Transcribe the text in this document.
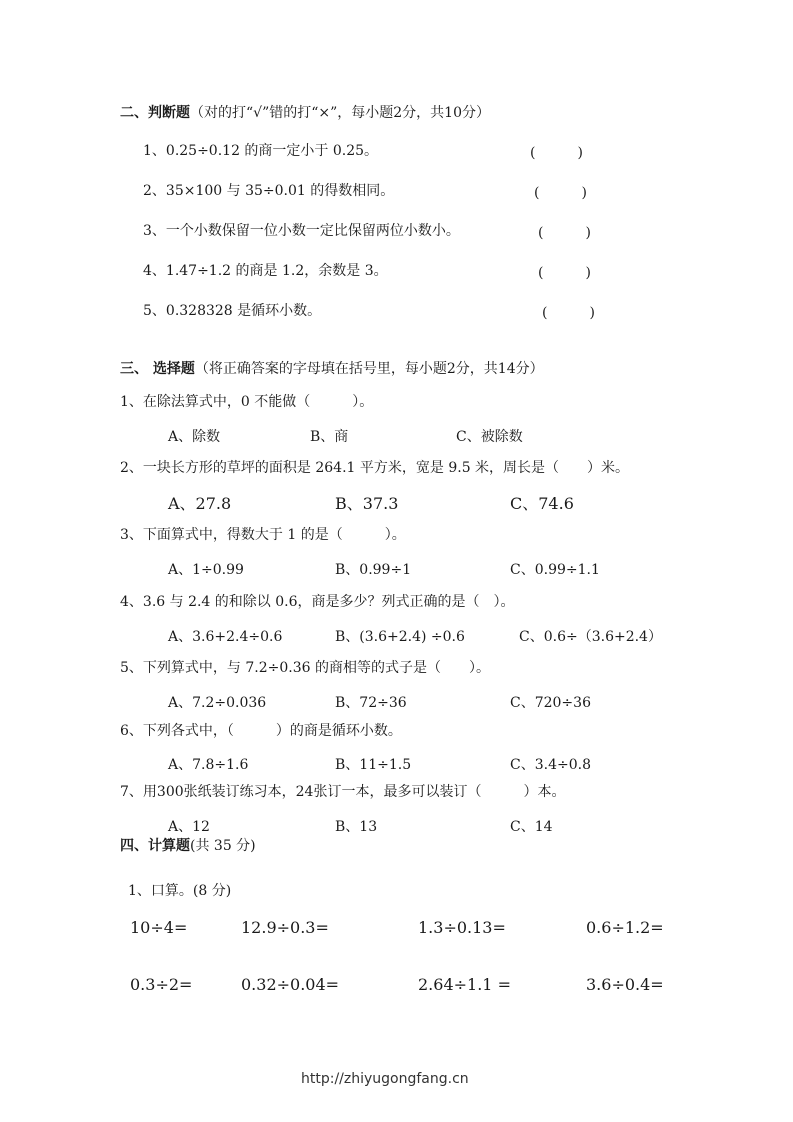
二、判断题（对的打“√”错的打“×”，每小题2分，共10分）
1、0.25÷0.12 的商一定小于 0.25。	(　　　)
2、35×100 与 35÷0.01 的得数相同。	(　　　)
3、一个小数保留一位小数一定比保留两位小数小。	(　　　)
4、1.47÷1.2 的商是 1.2，余数是 3。	(　　　)
5、0.328328 是循环小数。	(　　　)
三、 选择题（将正确答案的字母填在括号里，每小题2分，共14分）
1、在除法算式中，0 不能做（　　　）。
A、除数	B、商	C、被除数
2、一块长方形的草坪的面积是 264.1 平方米，宽是 9.5 米，周长是（　　）米。
A、27.8	B、37.3	C、74.6
3、下面算式中，得数大于 1 的是（　　　）。
A、1÷0.99	B、0.99÷1	C、0.99÷1.1
4、3.6 与 2.4 的和除以 0.6，商是多少？列式正确的是（　）。
A、3.6+2.4÷0.6	B、(3.6+2.4) ÷0.6	C、0.6÷（3.6+2.4）
5、下列算式中，与 7.2÷0.36 的商相等的式子是（　　）。
A、7.2÷0.036	B、72÷36	C、720÷36
6、下列各式中，（　　　）的商是循环小数。
A、7.8÷1.6	B、11÷1.5	C、3.4÷0.8
7、用300张纸装订练习本，24张订一本，最多可以装订（　　　）本。
A、12	B、13	C、14
四、计算题(共 35 分)
1、口算。(8 分)
10÷4=	12.9÷0.3=	1.3÷0.13=	0.6÷1.2=
0.3÷2=	0.32÷0.04=	2.64÷1.1 =	3.6÷0.4=
http://zhiyugongfang.cn
